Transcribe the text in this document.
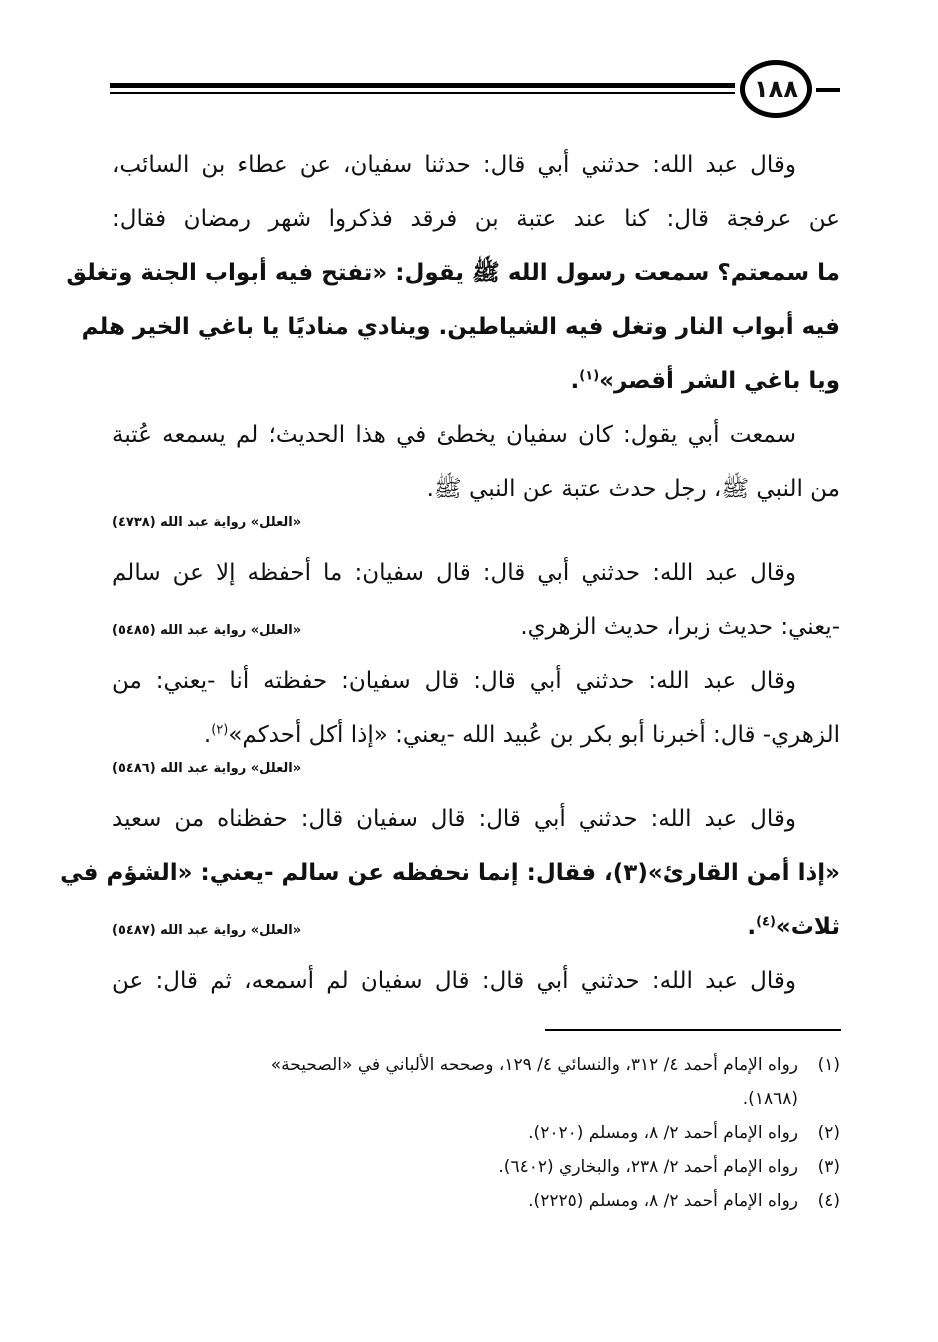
١٨٨
وقال عبد الله: حدثني أبي قال: حدثنا سفيان، عن عطاء بن السائب،
عن عرفجة قال: كنا عند عتبة بن فرقد فذكروا شهر رمضان فقال:
ما سمعتم؟ سمعت رسول الله ﷺ يقول: «تفتح فيه أبواب الجنة وتغلق
فيه أبواب النار وتغل فيه الشياطين. وينادي مناديًا يا باغي الخير هلم
ويا باغي الشر أقصر»$^{(١)}$.
سمعت أبي يقول: كان سفيان يخطئ في هذا الحديث؛ لم يسمعه عُتبة
من النبي ﷺ، رجل حدث عتبة عن النبي ﷺ.
«العلل» رواية عبد الله (٤٧٣٨)
وقال عبد الله: حدثني أبي قال: قال سفيان: ما أحفظه إلا عن سالم
-يعني: حديث زبرا، حديث الزهري.
«العلل» رواية عبد الله (٥٤٨٥)
وقال عبد الله: حدثني أبي قال: قال سفيان: حفظته أنا -يعني: من
الزهري- قال: أخبرنا أبو بكر بن عُبيد الله -يعني: «إذا أكل أحدكم»$^{(٢)}$.
«العلل» رواية عبد الله (٥٤٨٦)
وقال عبد الله: حدثني أبي قال: قال سفيان قال: حفظناه من سعيد
«إذا أمن القارئ»(٣)، فقال: إنما نحفظه عن سالم -يعني: «الشؤم في
ثلاث»$^{(٤)}$.
«العلل» رواية عبد الله (٥٤٨٧)
وقال عبد الله: حدثني أبي قال: قال سفيان لم أسمعه، ثم قال: عن
(١)رواه الإمام أحمد ٤/ ٣١٢، والنسائي ٤/ ١٢٩، وصححه الألباني في «الصحيحة»
(١٨٦٨).
(٢)رواه الإمام أحمد ٢/ ٨، ومسلم (٢٠٢٠).
(٣)رواه الإمام أحمد ٢/ ٢٣٨، والبخاري (٦٤٠٢).
(٤)رواه الإمام أحمد ٢/ ٨، ومسلم (٢٢٢٥).
